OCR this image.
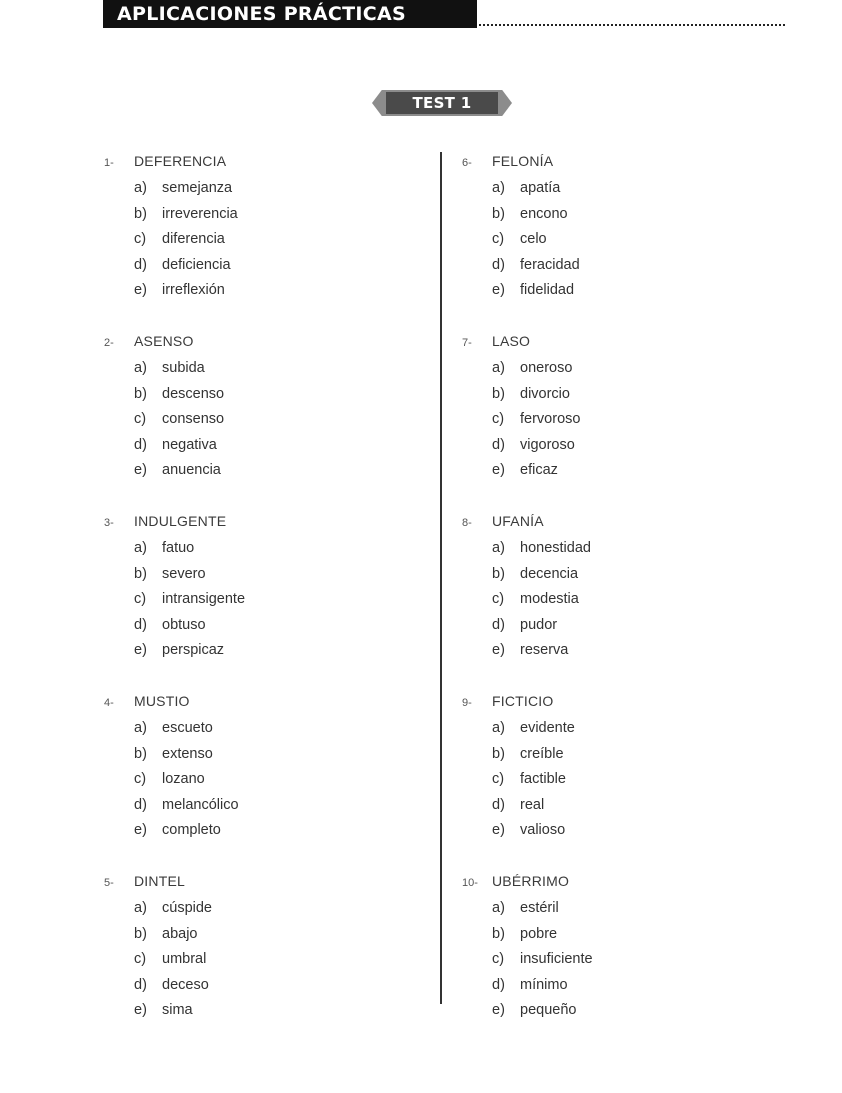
APLICACIONES PRÁCTICAS
TEST 1
1-	DEFERENCIA
a)	semejanza
b)	irreverencia
c)	diferencia
d)	deficiencia
e)	irreflexión
2-	ASENSO
a)	subida
b)	descenso
c)	consenso
d)	negativa
e)	anuencia
3-	INDULGENTE
a)	fatuo
b)	severo
c)	intransigente
d)	obtuso
e)	perspicaz
4-	MUSTIO
a)	escueto
b)	extenso
c)	lozano
d)	melancólico
e)	completo
5-	DINTEL
a)	cúspide
b)	abajo
c)	umbral
d)	deceso
e)	sima
6-	FELONÍA
a)	apatía
b)	encono
c)	celo
d)	feracidad
e)	fidelidad
7-	LASO
a)	oneroso
b)	divorcio
c)	fervoroso
d)	vigoroso
e)	eficaz
8-	UFANÍA
a)	honestidad
b)	decencia
c)	modestia
d)	pudor
e)	reserva
9-	FICTICIO
a)	evidente
b)	creíble
c)	factible
d)	real
e)	valioso
10-	UBÉRRIMO
a)	estéril
b)	pobre
c)	insuficiente
d)	mínimo
e)	pequeño
